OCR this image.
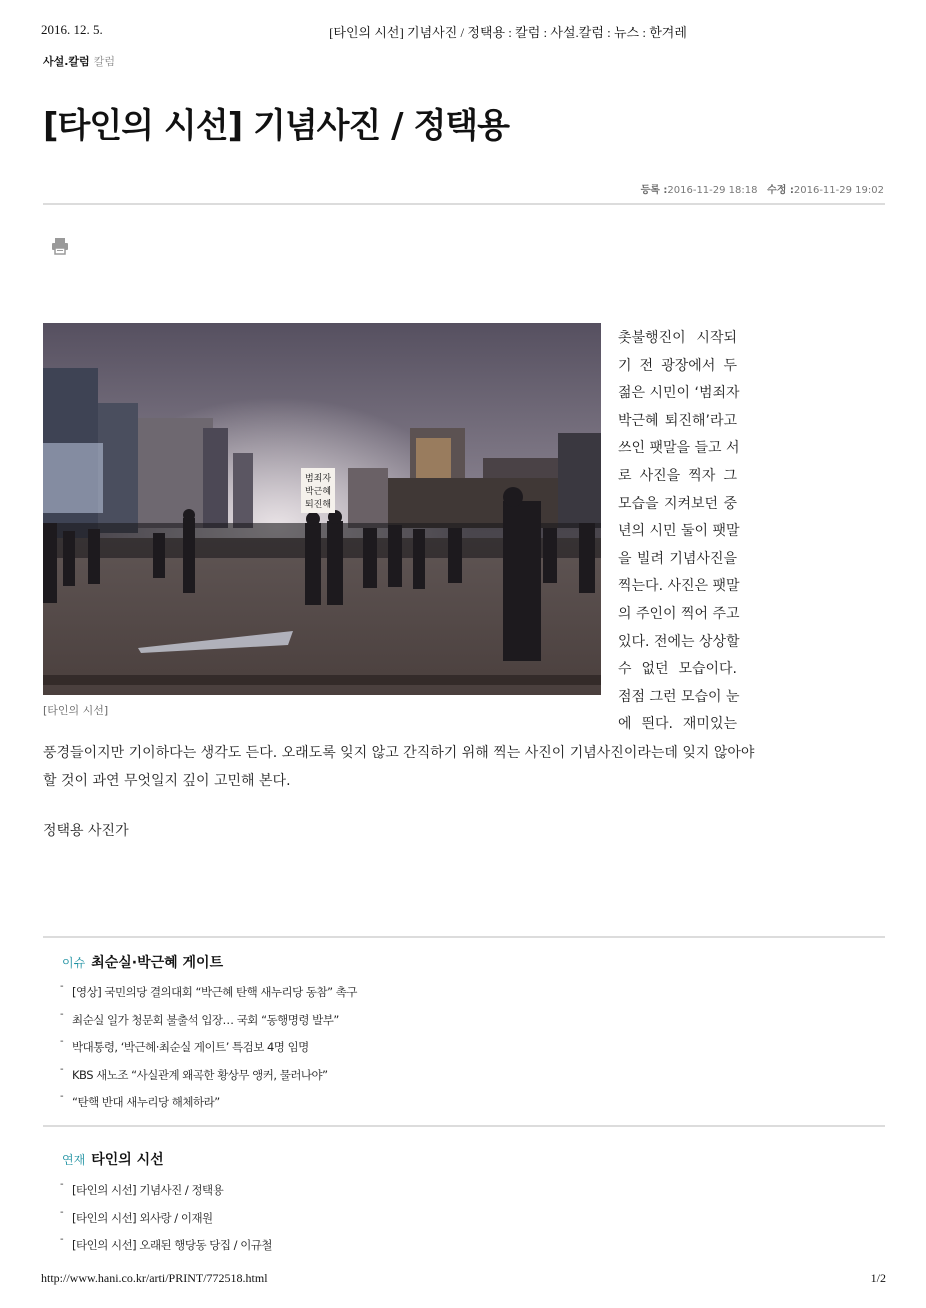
2016. 12. 5.	[타인의 시선] 기념사진 / 정택용 : 칼럼 : 사설.칼럼 : 뉴스 : 한겨레
사설.칼럼 칼럼
[타인의 시선] 기념사진 / 정택용
등록 :2016-11-29 18:18 수정 :2016-11-29 19:02
범죄자
박근혜
퇴진해
[타인의 시선]
촛불행진이 시작되
기 전 광장에서 두
젊은 시민이 ‘범죄자
박근혜 퇴진해’라고
쓰인 팻말을 들고 서
로 사진을 찍자 그
모습을 지켜보던 중
년의 시민 둘이 팻말
을 빌려 기념사진을
찍는다. 사진은 팻말
의 주인이 찍어 주고
있다. 전에는 상상할
수 없던 모습이다.
점점 그런 모습이 눈
에 띈다. 재미있는
풍경들이지만 기이하다는 생각도 든다. 오래도록 잊지 않고 간직하기 위해 찍는 사진이 기념사진이라는데 잊지 않아야
할 것이 과연 무엇일지 깊이 고민해 본다.
정택용 사진가
이슈 최순실·박근혜 게이트
- [영상] 국민의당 결의대회 “박근혜 탄핵 새누리당 동참” 촉구
- 최순실 일가 청문회 불출석 입장… 국회 “동행명령 발부”
- 박대통령, ‘박근혜·최순실 게이트’ 특검보 4명 임명
- KBS 새노조 “사실관계 왜곡한 황상무 앵커, 물러나야”
- “탄핵 반대 새누리당 해체하라”
연재 타인의 시선
- [타인의 시선] 기념사진 / 정택용
- [타인의 시선] 외사랑 / 이재원
- [타인의 시선] 오래된 행당동 당집 / 이규철
http://www.hani.co.kr/arti/PRINT/772518.html	1/2
